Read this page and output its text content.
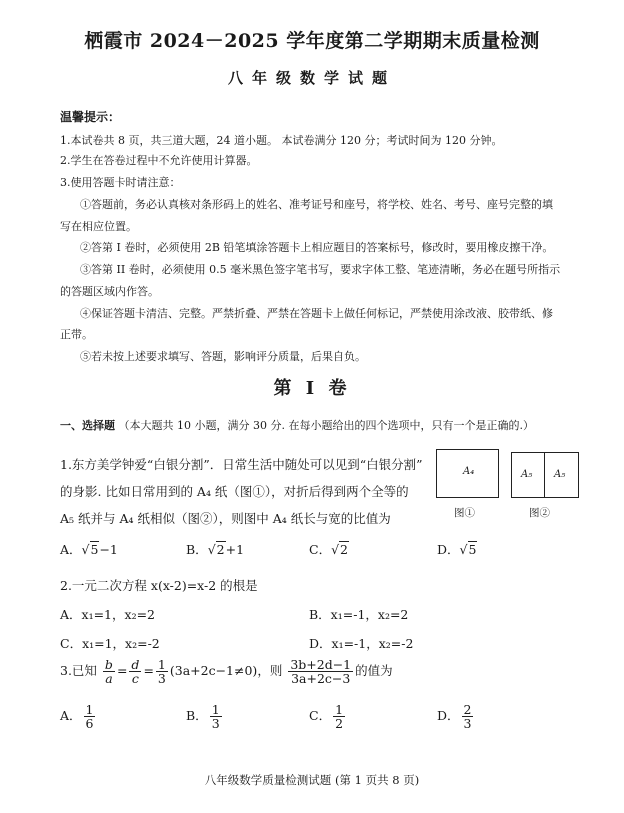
栖霞市 2024－2025 学年度第二学期期末质量检测
八年级数学试题
温馨提示：
1.本试卷共 8 页，共三道大题，24 道小题。 本试卷满分 120 分；考试时间为 120 分钟。
2.学生在答卷过程中不允许使用计算器。
3.使用答题卡时请注意：
①答题前，务必认真核对条形码上的姓名、准考证号和座号，将学校、姓名、考号、座号完整的填
写在相应位置。
②答第 I 卷时，必须使用 2B 铅笔填涂答题卡上相应题目的答案标号，修改时，要用橡皮擦干净。
③答第 II 卷时，必须使用 0.5 毫米黑色签字笔书写，要求字体工整、笔迹清晰，务必在题号所指示
的答题区域内作答。
④保证答题卡清洁、完整。严禁折叠、严禁在答题卡上做任何标记，严禁使用涂改液、胶带纸、修
正带。
⑤若未按上述要求填写、答题，影响评分质量，后果自负。
第 Ⅰ 卷
一、选择题 （本大题共 10 小题，满分 30 分. 在每小题给出的四个选项中，只有一个是正确的.）
1.东方美学钟爱“白银分割”．日常生活中随处可以见到“白银分割”
的身影. 比如日常用到的 A₄ 纸（图①），对折后得到两个全等的
A₅ 纸并与 A₄ 纸相似（图②），则图中 A₄ 纸长与宽的比值为
A₄
图①
A₅ A₅
图②
A．√5−1	B．√2+1	C．√2	D．√5
2.一元二次方程 x(x-2)=x-2 的根是
A．x₁=1，x₂=2	B．x₁=-1，x₂=2
C．x₁=1，x₂=-2	D．x₁=-1，x₂=-2
3.已知 $\frac{b}{a} = \frac{d}{c} = \frac{1}{3} (3a+2c-1\ne 0)$，则 $\frac{3b+2d-1}{3a+2c-3}$ 的值为
A． $\frac{1}{6}$	B． $\frac{1}{3}$	C． $\frac{1}{2}$	D． $\frac{2}{3}$
八年级数学质量检测试题 (第 1 页共 8 页)
